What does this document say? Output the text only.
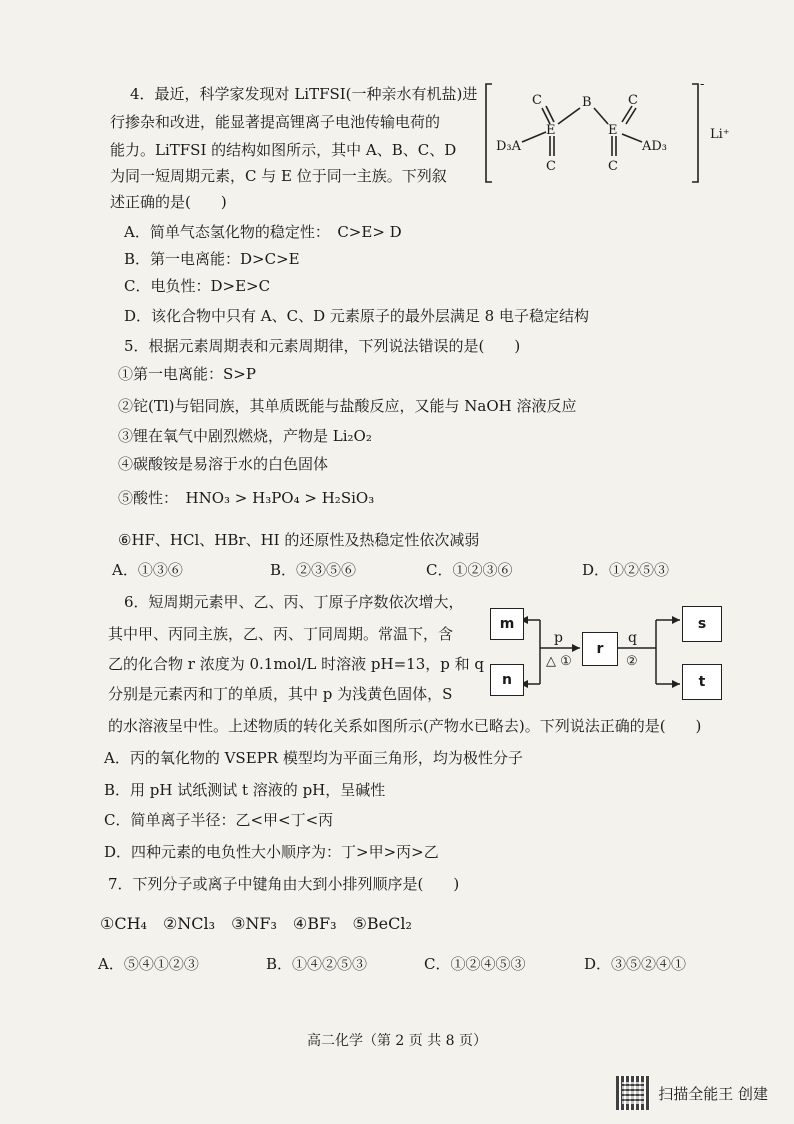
4．最近，科学家发现对 LiTFSI(一种亲水有机盐)进
行掺杂和改进，能显著提高锂离子电池传输电荷的
能力。LiTFSI 的结构如图所示，其中 A、B、C、D
为同一短周期元素，C 与 E 位于同一主族。下列叙
述正确的是(　　)
A．简单气态氢化物的稳定性：　C>E> D
B．第一电离能：D>C>E
C．电负性：D>E>C
D．该化合物中只有 A、C、D 元素原子的最外层满足 8 电子稳定结构
C
E
C
D₃A
B	C
E
C
AD₃
Li⁺
-
5．根据元素周期表和元素周期律，下列说法错误的是(　　)
①第一电离能：S>P
②铊(Tl)与铝同族，其单质既能与盐酸反应，又能与 NaOH 溶液反应
③锂在氧气中剧烈燃烧，产物是 Li₂O₂
④碳酸铵是易溶于水的白色固体
⑤酸性：　HNO₃ > H₃PO₄ > H₂SiO₃
⑥HF、HCl、HBr、HI 的还原性及热稳定性依次减弱
A．①③⑥	B．②③⑤⑥	C．①②③⑥	D．①②⑤③
6．短周期元素甲、乙、丙、丁原子序数依次增大，
其中甲、丙同主族，乙、丙、丁同周期。常温下，含
乙的化合物 r 浓度为 0.1mol/L 时溶液 pH=13，p 和 q
分别是元素丙和丁的单质，其中 p 为浅黄色固体，S
的水溶液呈中性。上述物质的转化关系如图所示(产物水已略去)。下列说法正确的是(　　)
A．丙的氧化物的 VSEPR 模型均为平面三角形，均为极性分子
B．用 pH 试纸测试 t 溶液的 pH，呈碱性
C．简单离子半径：乙<甲<丁<丙
D．四种元素的电负性大小顺序为：丁>甲>丙>乙
m
n
r
s
t
p
△ ①
q
②
7．下列分子或离子中键角由大到小排列顺序是(　　)
①CH₄　②NCl₃　③NF₃　④BF₃　⑤BeCl₂
A．⑤④①②③	B．①④②⑤③	C．①②④⑤③	D．③⑤②④①
高二化学（第 2 页 共 8 页）
扫描全能王 创建
